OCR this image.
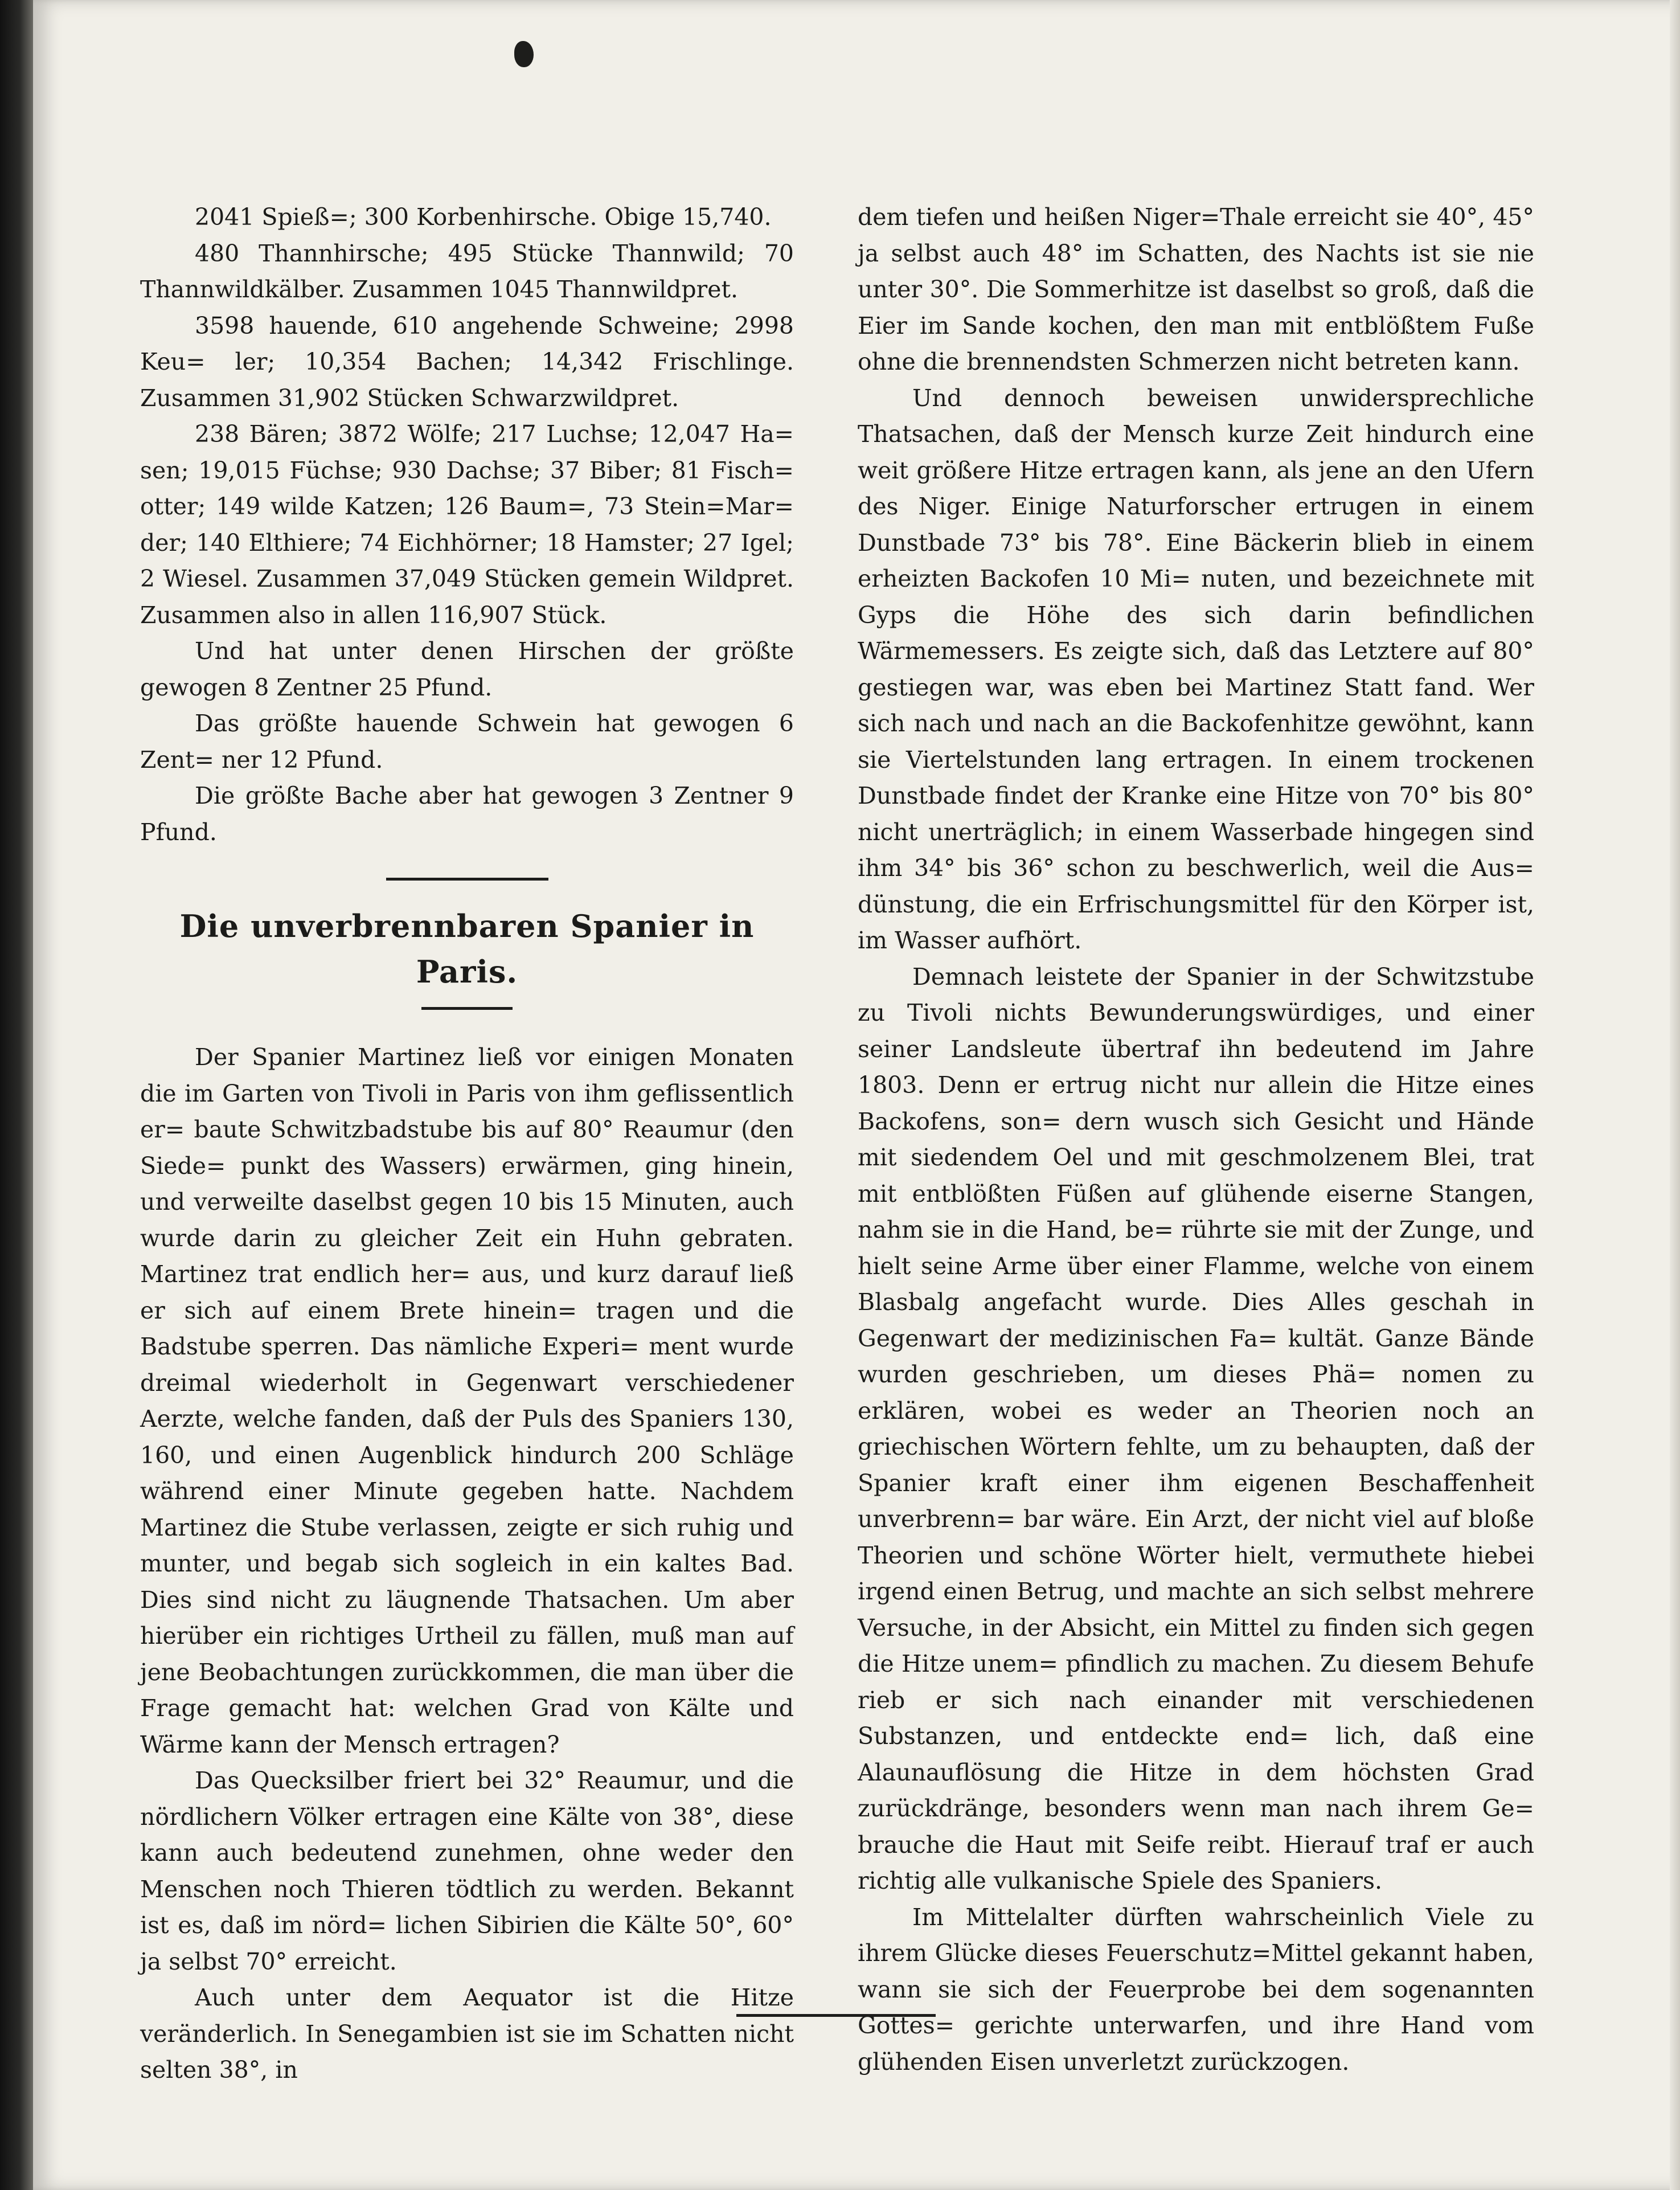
2041 Spieß=; 300 Korbenhirsche. Obige 15,740.

480 Thannhirsche; 495 Stücke Thannwild; 70 Thannwildkälber. Zusammen 1045 Thannwildpret.

3598 hauende, 610 angehende Schweine; 2998 Keu= ler; 10,354 Bachen; 14,342 Frischlinge. Zusammen 31,902 Stücken Schwarzwildpret.

238 Bären; 3872 Wölfe; 217 Luchse; 12,047 Ha= sen; 19,015 Füchse; 930 Dachse; 37 Biber; 81 Fisch= otter; 149 wilde Katzen; 126 Baum=, 73 Stein=Mar= der; 140 Elthiere; 74 Eichhörner; 18 Hamster; 27 Igel; 2 Wiesel. Zusammen 37,049 Stücken gemein Wildpret. Zusammen also in allen 116,907 Stück.

Und hat unter denen Hirschen der größte gewogen 8 Zentner 25 Pfund.

Das größte hauende Schwein hat gewogen 6 Zent= ner 12 Pfund.

Die größte Bache aber hat gewogen 3 Zentner 9 Pfund.

Die unverbrennbaren Spanier in Paris.

Der Spanier Martinez ließ vor einigen Monaten die im Garten von Tivoli in Paris von ihm geflissentlich er= baute Schwitzbadstube bis auf 80° Reaumur (den Siede= punkt des Wassers) erwärmen, ging hinein, und verweilte daselbst gegen 10 bis 15 Minuten, auch wurde darin zu gleicher Zeit ein Huhn gebraten. Martinez trat endlich her= aus, und kurz darauf ließ er sich auf einem Brete hinein= tragen und die Badstube sperren. Das nämliche Experi= ment wurde dreimal wiederholt in Gegenwart verschiedener Aerzte, welche fanden, daß der Puls des Spaniers 130, 160, und einen Augenblick hindurch 200 Schläge während einer Minute gegeben hatte. Nachdem Martinez die Stube verlassen, zeigte er sich ruhig und munter, und begab sich sogleich in ein kaltes Bad. Dies sind nicht zu läugnende Thatsachen. Um aber hierüber ein richtiges Urtheil zu fällen, muß man auf jene Beobachtungen zurückkommen, die man über die Frage gemacht hat: welchen Grad von Kälte und Wärme kann der Mensch ertragen?

Das Quecksilber friert bei 32° Reaumur, und die nördlichern Völker ertragen eine Kälte von 38°, diese kann auch bedeutend zunehmen, ohne weder den Menschen noch Thieren tödtlich zu werden. Bekannt ist es, daß im nörd= lichen Sibirien die Kälte 50°, 60° ja selbst 70° erreicht.

Auch unter dem Aequator ist die Hitze veränderlich. In Senegambien ist sie im Schatten nicht selten 38°, in

dem tiefen und heißen Niger=Thale erreicht sie 40°, 45° ja selbst auch 48° im Schatten, des Nachts ist sie nie unter 30°. Die Sommerhitze ist daselbst so groß, daß die Eier im Sande kochen, den man mit entblößtem Fuße ohne die brennendsten Schmerzen nicht betreten kann.

Und dennoch beweisen unwidersprechliche Thatsachen, daß der Mensch kurze Zeit hindurch eine weit größere Hitze ertragen kann, als jene an den Ufern des Niger. Einige Naturforscher ertrugen in einem Dunstbade 73° bis 78°. Eine Bäckerin blieb in einem erheizten Backofen 10 Mi= nuten, und bezeichnete mit Gyps die Höhe des sich darin befindlichen Wärmemessers. Es zeigte sich, daß das Letztere auf 80° gestiegen war, was eben bei Martinez Statt fand. Wer sich nach und nach an die Backofenhitze gewöhnt, kann sie Viertelstunden lang ertragen. In einem trockenen Dunstbade findet der Kranke eine Hitze von 70° bis 80° nicht unerträglich; in einem Wasserbade hingegen sind ihm 34° bis 36° schon zu beschwerlich, weil die Aus= dünstung, die ein Erfrischungsmittel für den Körper ist, im Wasser aufhört.

Demnach leistete der Spanier in der Schwitzstube zu Tivoli nichts Bewunderungswürdiges, und einer seiner Landsleute übertraf ihn bedeutend im Jahre 1803. Denn er ertrug nicht nur allein die Hitze eines Backofens, son= dern wusch sich Gesicht und Hände mit siedendem Oel und mit geschmolzenem Blei, trat mit entblößten Füßen auf glühende eiserne Stangen, nahm sie in die Hand, be= rührte sie mit der Zunge, und hielt seine Arme über einer Flamme, welche von einem Blasbalg angefacht wurde. Dies Alles geschah in Gegenwart der medizinischen Fa= kultät. Ganze Bände wurden geschrieben, um dieses Phä= nomen zu erklären, wobei es weder an Theorien noch an griechischen Wörtern fehlte, um zu behaupten, daß der Spanier kraft einer ihm eigenen Beschaffenheit unverbrenn= bar wäre. Ein Arzt, der nicht viel auf bloße Theorien und schöne Wörter hielt, vermuthete hiebei irgend einen Betrug, und machte an sich selbst mehrere Versuche, in der Absicht, ein Mittel zu finden sich gegen die Hitze unem= pfindlich zu machen. Zu diesem Behufe rieb er sich nach einander mit verschiedenen Substanzen, und entdeckte end= lich, daß eine Alaunauflösung die Hitze in dem höchsten Grad zurückdränge, besonders wenn man nach ihrem Ge= brauche die Haut mit Seife reibt. Hierauf traf er auch richtig alle vulkanische Spiele des Spaniers.

Im Mittelalter dürften wahrscheinlich Viele zu ihrem Glücke dieses Feuerschutz=Mittel gekannt haben, wann sie sich der Feuerprobe bei dem sogenannten Gottes= gerichte unterwarfen, und ihre Hand vom glühenden Eisen unverletzt zurückzogen.
